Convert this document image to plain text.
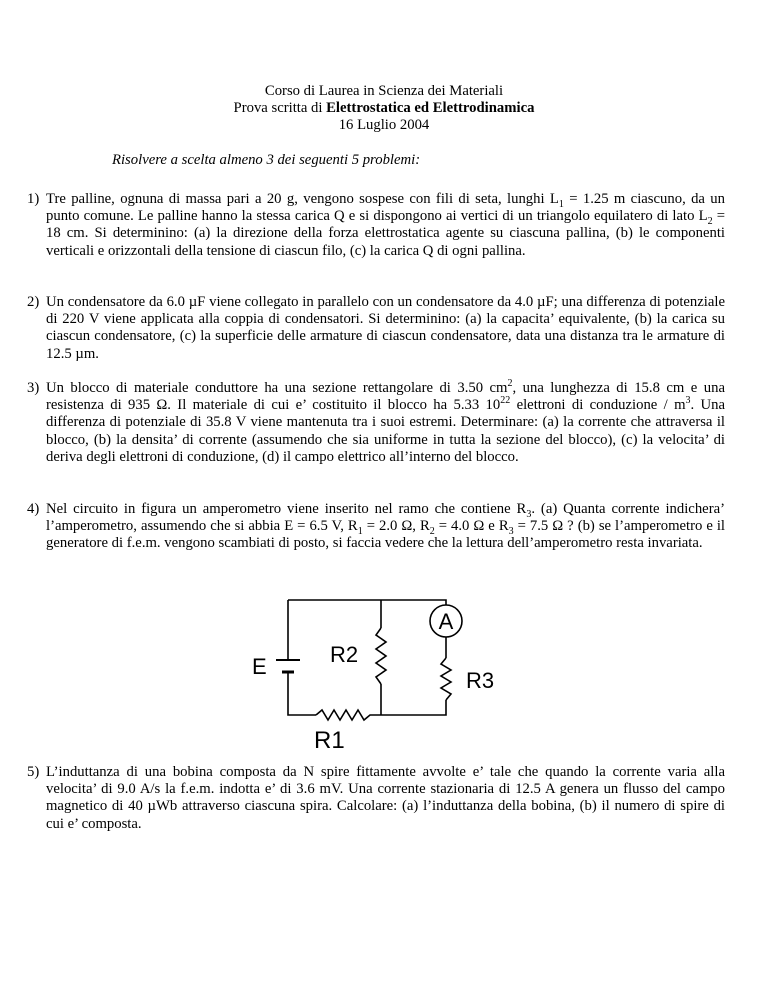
Corso di Laurea in Scienza dei Materiali
Prova scritta di Elettrostatica ed Elettrodinamica
16 Luglio 2004
Risolvere a scelta almeno 3 dei seguenti 5 problemi:
1) Tre palline, ognuna di massa pari a 20 g, vengono sospese con fili di seta, lunghi $L_1 = 1.25$ m ciascuno, da un punto comune. Le palline hanno la stessa carica Q e si dispongono ai vertici di un triangolo equilatero di lato $L_2 = 18$ cm. Si determinino: (a) la direzione della forza elettrostatica agente su ciascuna pallina, (b) le componenti verticali e orizzontali della tensione di ciascun filo, (c) la carica Q di ogni pallina.
2) Un condensatore da 6.0 µF viene collegato in parallelo con un condensatore da 4.0 µF; una differenza di potenziale di 220 V viene applicata alla coppia di condensatori. Si determinino: (a) la capacita’ equivalente, (b) la carica su ciascun condensatore, (c) la superficie delle armature di ciascun condensatore, data una distanza tra le armature di 12.5 µm.
3) Un blocco di materiale conduttore ha una sezione rettangolare di 3.50 $cm^2$, una lunghezza di 15.8 cm e una resistenza di 935 Ω. Il materiale di cui e’ costituito il blocco ha 5.33 $10^{22}$ elettroni di conduzione / $m^3$. Una differenza di potenziale di 35.8 V viene mantenuta tra i suoi estremi. Determinare: (a) la corrente che attraversa il blocco, (b) la densita’ di corrente (assumendo che sia uniforme in tutta la sezione del blocco), (c) la velocita’ di deriva degli elettroni di conduzione, (d) il campo elettrico all’interno del blocco.
4) Nel circuito in figura un amperometro viene inserito nel ramo che contiene $R_3$. (a) Quanta corrente indichera’ l’amperometro, assumendo che si abbia E = 6.5 V, $R_1 = 2.0$ Ω, $R_2 = 4.0$ Ω e $R_3 = 7.5$ Ω ? (b) se l’amperometro e il generatore di f.e.m. vengono scambiati di posto, si faccia vedere che la lettura dell’amperometro resta invariata.
E	R2
R3
R1
A
5) L’induttanza di una bobina composta da N spire fittamente avvolte e’ tale che quando la corrente varia alla velocita’ di 9.0 A/s la f.e.m. indotta e’ di 3.6 mV. Una corrente stazionaria di 12.5 A genera un flusso del campo magnetico di 40 µWb attraverso ciascuna spira. Calcolare: (a) l’induttanza della bobina, (b) il numero di spire di cui e’ composta.
